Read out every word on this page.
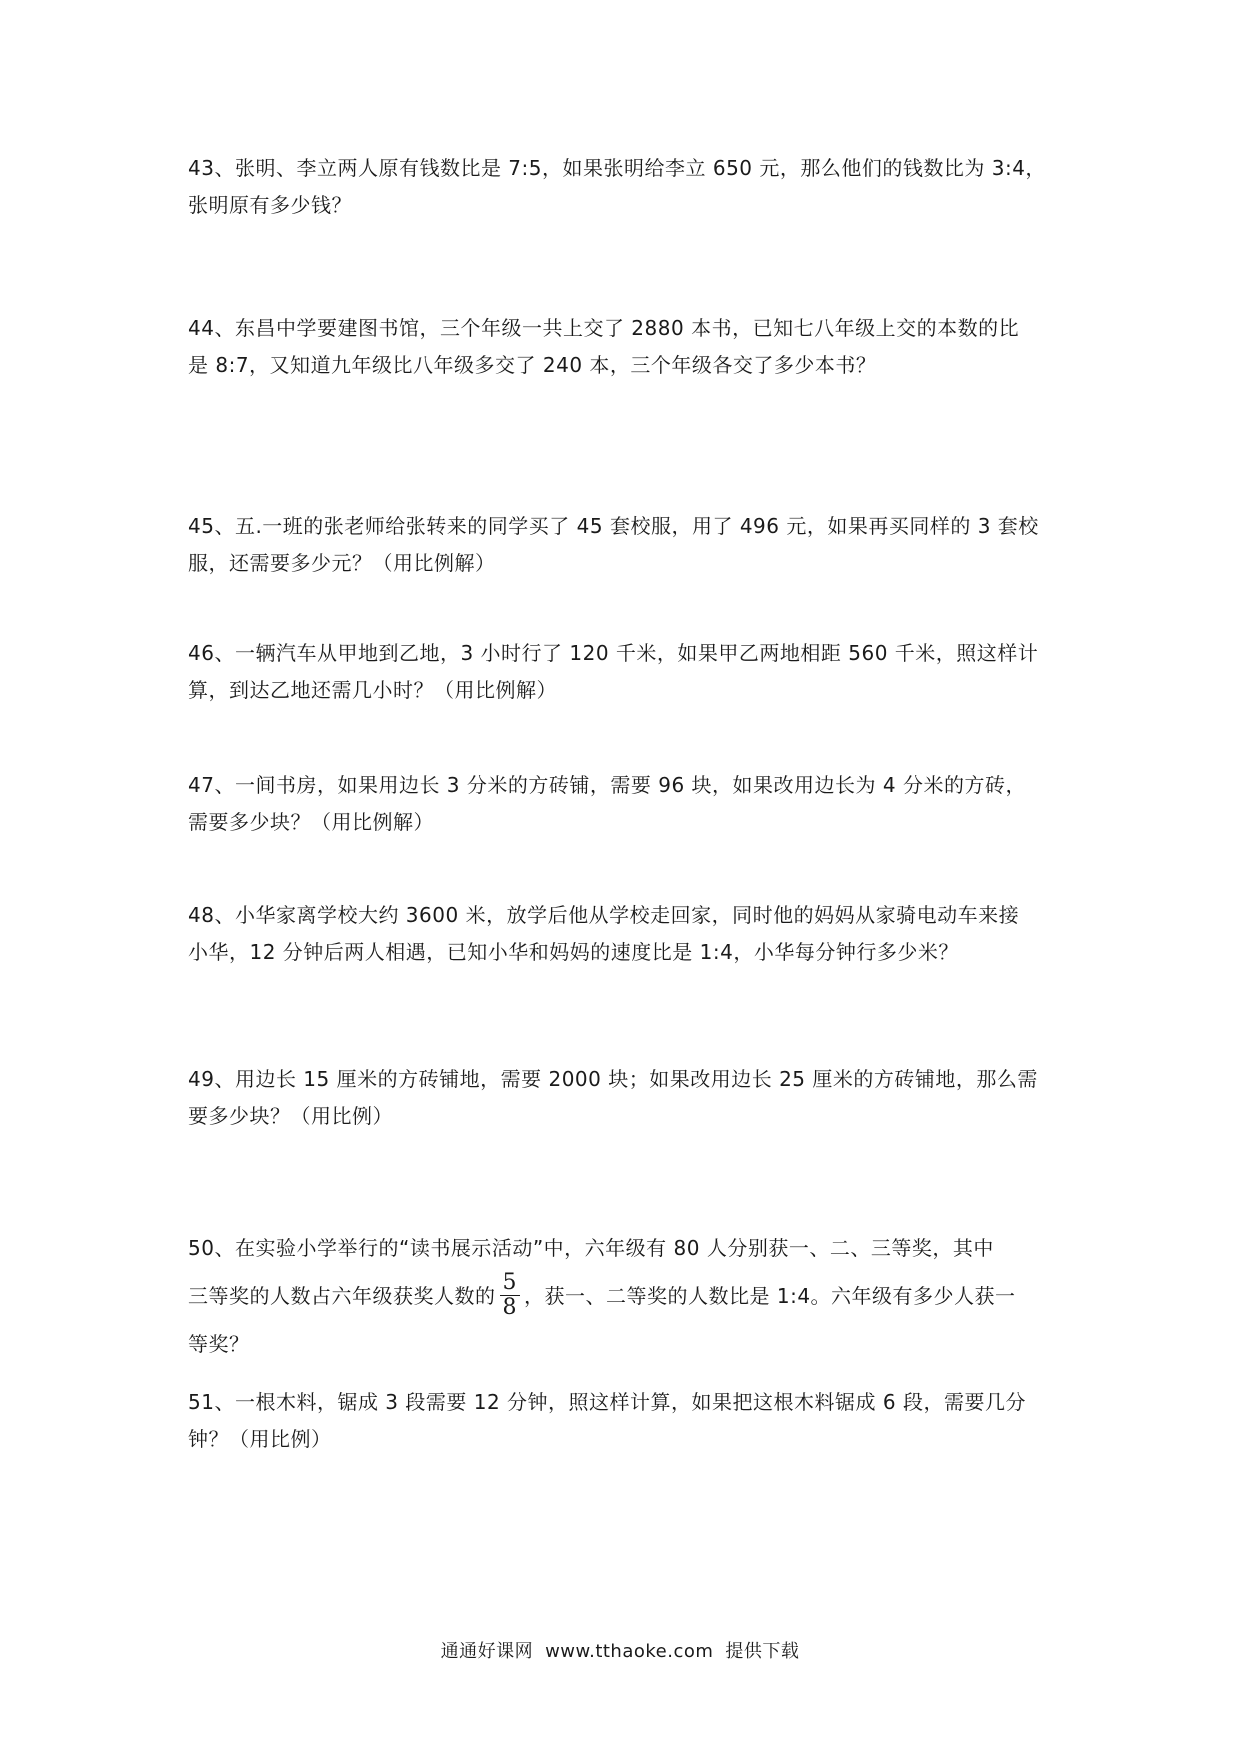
43、张明、李立两人原有钱数比是 7:5，如果张明给李立 650 元，那么他们的钱数比为 3:4，

张明原有多少钱？

44、东昌中学要建图书馆，三个年级一共上交了 2880 本书，已知七八年级上交的本数的比

是 8:7，又知道九年级比八年级多交了 240 本，三个年级各交了多少本书？

45、五.一班的张老师给张转来的同学买了 45 套校服，用了 496 元，如果再买同样的 3 套校

服，还需要多少元？（用比例解）

46、一辆汽车从甲地到乙地，3 小时行了 120 千米，如果甲乙两地相距 560 千米，照这样计

算，到达乙地还需几小时？（用比例解）

47、一间书房，如果用边长 3 分米的方砖铺，需要 96 块，如果改用边长为 4 分米的方砖，

需要多少块？（用比例解）

48、小华家离学校大约 3600 米，放学后他从学校走回家，同时他的妈妈从家骑电动车来接

小华，12 分钟后两人相遇，已知小华和妈妈的速度比是 1:4，小华每分钟行多少米？

49、用边长 15 厘米的方砖铺地，需要 2000 块；如果改用边长 25 厘米的方砖铺地，那么需

要多少块？（用比例）

50、在实验小学举行的“读书展示活动”中，六年级有 80 人分别获一、二、三等奖，其中

三等奖的人数占六年级获奖人数的 $\frac{5}{8}$ ，获一、二等奖的人数比是 1:4。六年级有多少人获一

等奖？

51、一根木料，锯成 3 段需要 12 分钟，照这样计算，如果把这根木料锯成 6 段，需要几分

钟？（用比例）

通通好课网 www.tthaoke.com 提供下载
